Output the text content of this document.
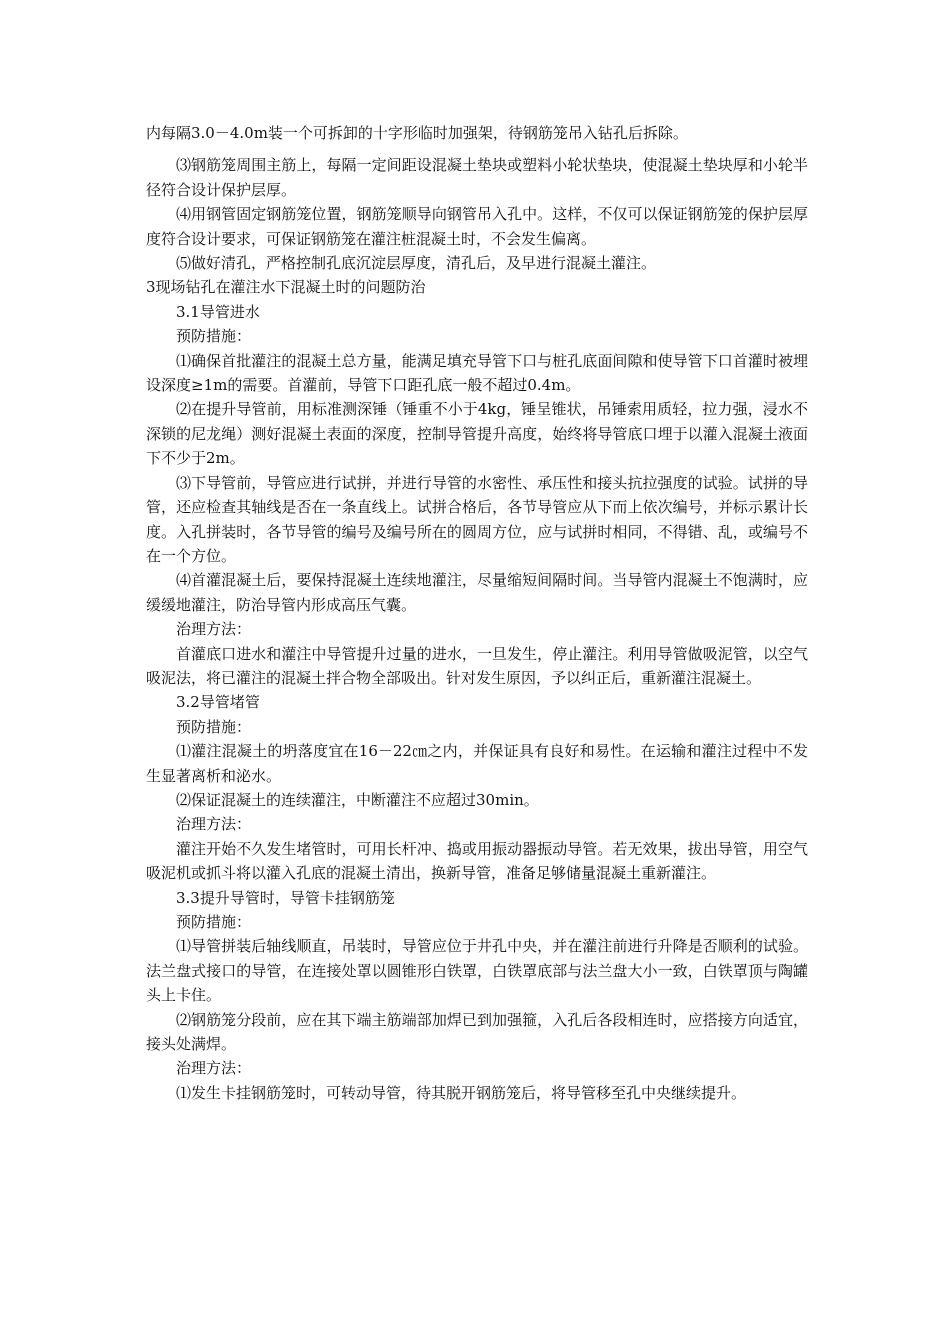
内每隔3.0－4.0m装一个可拆卸的十字形临时加强架，待钢筋笼吊入钻孔后拆除。

⑶钢筋笼周围主筋上，每隔一定间距设混凝土垫块或塑料小轮状垫块，使混凝土垫块厚和小轮半径符合设计保护层厚。

⑷用钢管固定钢筋笼位置，钢筋笼顺导向钢管吊入孔中。这样，不仅可以保证钢筋笼的保护层厚度符合设计要求，可保证钢筋笼在灌注桩混凝土时，不会发生偏离。

⑸做好清孔，严格控制孔底沉淀层厚度，清孔后，及早进行混凝土灌注。

3现场钻孔在灌注水下混凝土时的问题防治

3.1导管进水

预防措施：

⑴确保首批灌注的混凝土总方量，能满足填充导管下口与桩孔底面间隙和使导管下口首灌时被埋设深度≥1m的需要。首灌前，导管下口距孔底一般不超过0.4m。

⑵在提升导管前，用标准测深锤（锤重不小于4kg，锤呈锥状，吊锤索用质轻，拉力强，浸水不深锁的尼龙绳）测好混凝土表面的深度，控制导管提升高度，始终将导管底口埋于以灌入混凝土液面下不少于2m。

⑶下导管前，导管应进行试拼，并进行导管的水密性、承压性和接头抗拉强度的试验。试拼的导管，还应检查其轴线是否在一条直线上。试拼合格后，各节导管应从下而上依次编号，并标示累计长度。入孔拼装时，各节导管的编号及编号所在的圆周方位，应与试拼时相同，不得错、乱，或编号不在一个方位。

⑷首灌混凝土后，要保持混凝土连续地灌注，尽量缩短间隔时间。当导管内混凝土不饱满时，应缓缓地灌注，防治导管内形成高压气囊。

治理方法：

首灌底口进水和灌注中导管提升过量的进水，一旦发生，停止灌注。利用导管做吸泥管，以空气吸泥法，将已灌注的混凝土拌合物全部吸出。针对发生原因，予以纠正后，重新灌注混凝土。

3.2导管堵管

预防措施：

⑴灌注混凝土的坍落度宜在16－22㎝之内，并保证具有良好和易性。在运输和灌注过程中不发生显著离析和泌水。

⑵保证混凝土的连续灌注，中断灌注不应超过30min。

治理方法：

灌注开始不久发生堵管时，可用长杆冲、捣或用振动器振动导管。若无效果，拔出导管，用空气吸泥机或抓斗将以灌入孔底的混凝土清出，换新导管，准备足够储量混凝土重新灌注。

3.3提升导管时，导管卡挂钢筋笼

预防措施：

⑴导管拼装后轴线顺直，吊装时，导管应位于井孔中央，并在灌注前进行升降是否顺利的试验。法兰盘式接口的导管，在连接处罩以圆锥形白铁罩，白铁罩底部与法兰盘大小一致，白铁罩顶与陶罐头上卡住。

⑵钢筋笼分段前，应在其下端主筋端部加焊已到加强箍，入孔后各段相连时，应搭接方向适宜，接头处满焊。

治理方法：

⑴发生卡挂钢筋笼时，可转动导管，待其脱开钢筋笼后，将导管移至孔中央继续提升。
